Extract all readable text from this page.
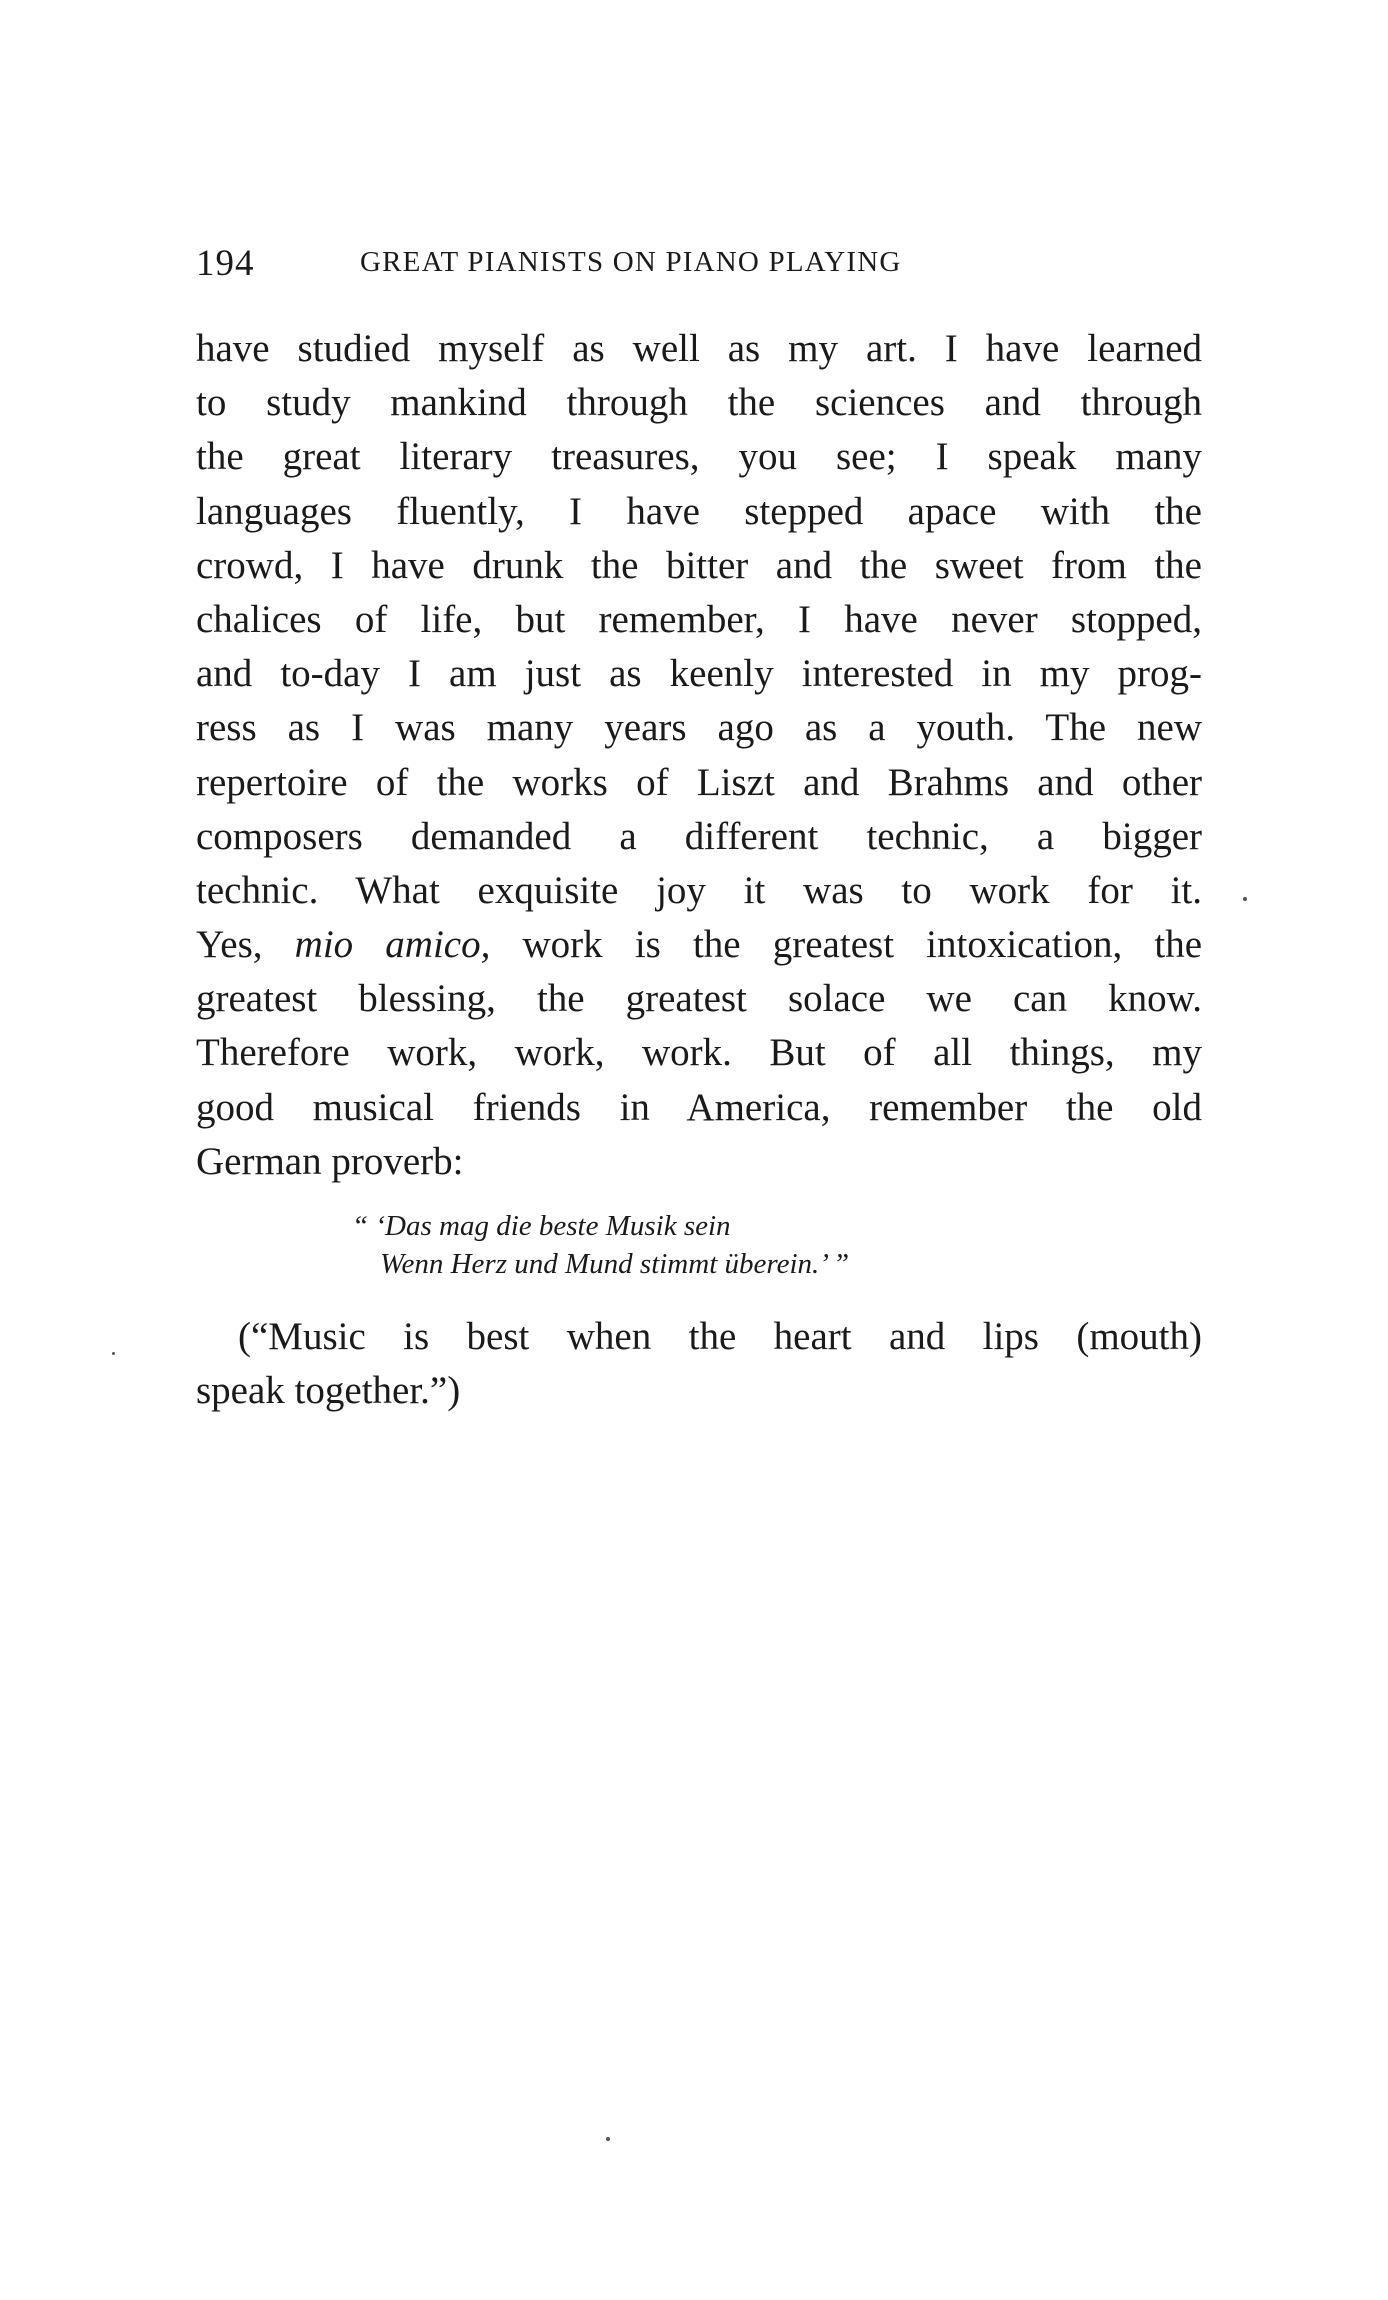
194	GREAT PIANISTS ON PIANO PLAYING
have studied myself as well as my art. I have learned
to study mankind through the sciences and through
the great literary treasures, you see; I speak many
languages fluently, I have stepped apace with the
crowd, I have drunk the bitter and the sweet from the
chalices of life, but remember, I have never stopped,
and to-day I am just as keenly interested in my prog-
ress as I was many years ago as a youth. The new
repertoire of the works of Liszt and Brahms and other
composers demanded a different technic, a bigger
technic. What exquisite joy it was to work for it.
Yes, mio amico, work is the greatest intoxication, the
greatest blessing, the greatest solace we can know.
Therefore work, work, work. But of all things, my
good musical friends in America, remember the old
German proverb:
“ ‘Das mag die beste Musik sein
Wenn Herz und Mund stimmt überein.’ ”
(“Music is best when the heart and lips (mouth)
speak together.”)
